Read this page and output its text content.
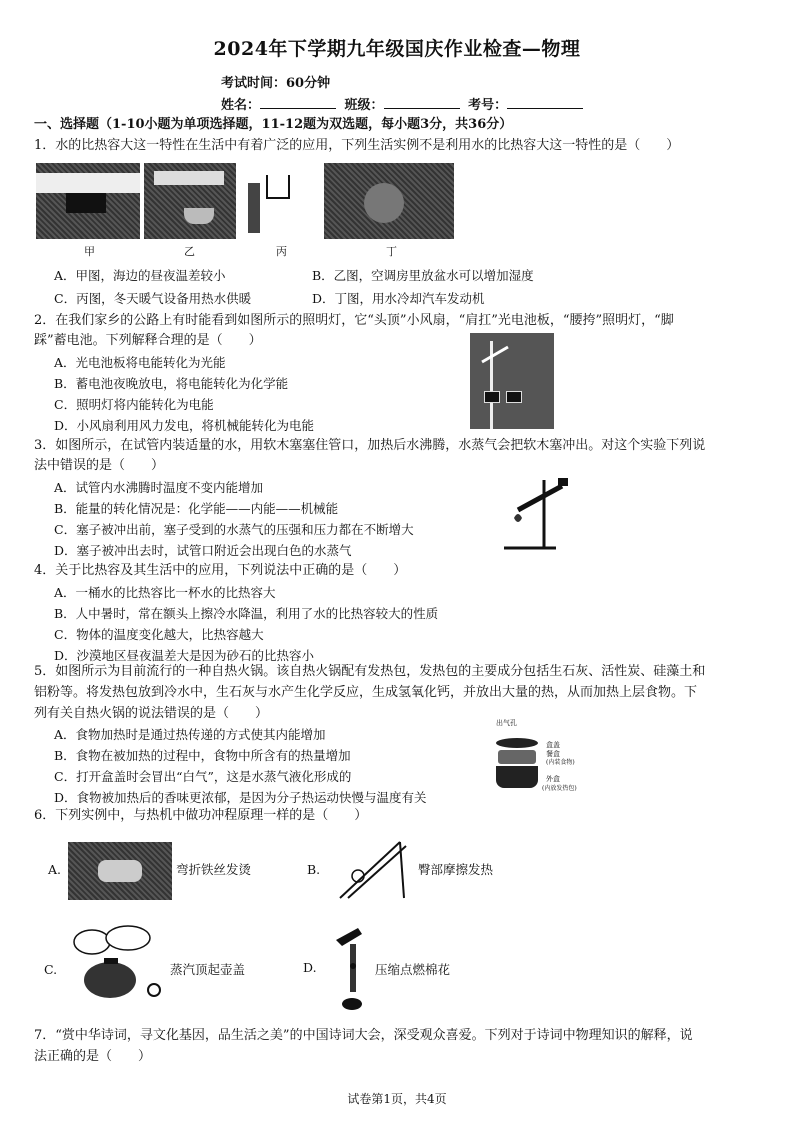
2024年下学期九年级国庆作业检查—物理
考试时间：60分钟
姓名：	班级：	考号：
一、选择题（1-10小题为单项选择题，11-12题为双选题，每小题3分，共36分）
1．水的比热容大这一特性在生活中有着广泛的应用，下列生活实例不是利用水的比热容大这一特性的是（　　）
甲	乙	丙	丁
A．甲图，海边的昼夜温差较小	B．乙图，空调房里放盆水可以增加湿度
C．丙图，冬天暖气设备用热水供暖	D．丁图，用水冷却汽车发动机
2．在我们家乡的公路上有时能看到如图所示的照明灯，它“头顶”小风扇，“肩扛”光电池板，“腰挎”照明灯，“脚
踩”蓄电池。下列解释合理的是（　　）
A．光电池板将电能转化为光能
B．蓄电池夜晚放电，将电能转化为化学能
C．照明灯将内能转化为电能
D．小风扇利用风力发电，将机械能转化为电能
3．如图所示，在试管内装适量的水，用软木塞塞住管口，加热后水沸腾，水蒸气会把软木塞冲出。对这个实验下列说
法中错误的是（　　）
A．试管内水沸腾时温度不变内能增加
B．能量的转化情况是：化学能——内能——机械能
C．塞子被冲出前，塞子受到的水蒸气的压强和压力都在不断增大
D．塞子被冲出去时，试管口附近会出现白色的水蒸气
4．关于比热容及其生活中的应用，下列说法中正确的是（　　）
A．一桶水的比热容比一杯水的比热容大
B．人中暑时，常在额头上擦冷水降温，利用了水的比热容较大的性质
C．物体的温度变化越大，比热容越大
D．沙漠地区昼夜温差大是因为砂石的比热容小
5．如图所示为目前流行的一种自热火锅。该自热火锅配有发热包，发热包的主要成分包括生石灰、活性炭、硅藻土和
铝粉等。将发热包放到冷水中，生石灰与水产生化学反应，生成氢氧化钙，并放出大量的热，从而加热上层食物。下
列有关自热火锅的说法错误的是（　　）
A．食物加热时是通过热传递的方式使其内能增加
B．食物在被加热的过程中，食物中所含有的热量增加
C．打开盒盖时会冒出“白气”，这是水蒸气液化形成的
D．食物被加热后的香味更浓郁，是因为分子热运动快慢与温度有关
出气孔
盒盖
餐盒
(内装食物)
外盒
(内放发热包)
6．下列实例中，与热机中做功冲程原理一样的是（　　）
A.	弯折铁丝发烫	B.	臀部摩擦发热
C.	蒸汽顶起壶盖	D.	压缩点燃棉花
7．“赏中华诗词，寻文化基因，品生活之美”的中国诗词大会，深受观众喜爱。下列对于诗词中物理知识的解释，说
法正确的是（　　）
试卷第1页，共4页
